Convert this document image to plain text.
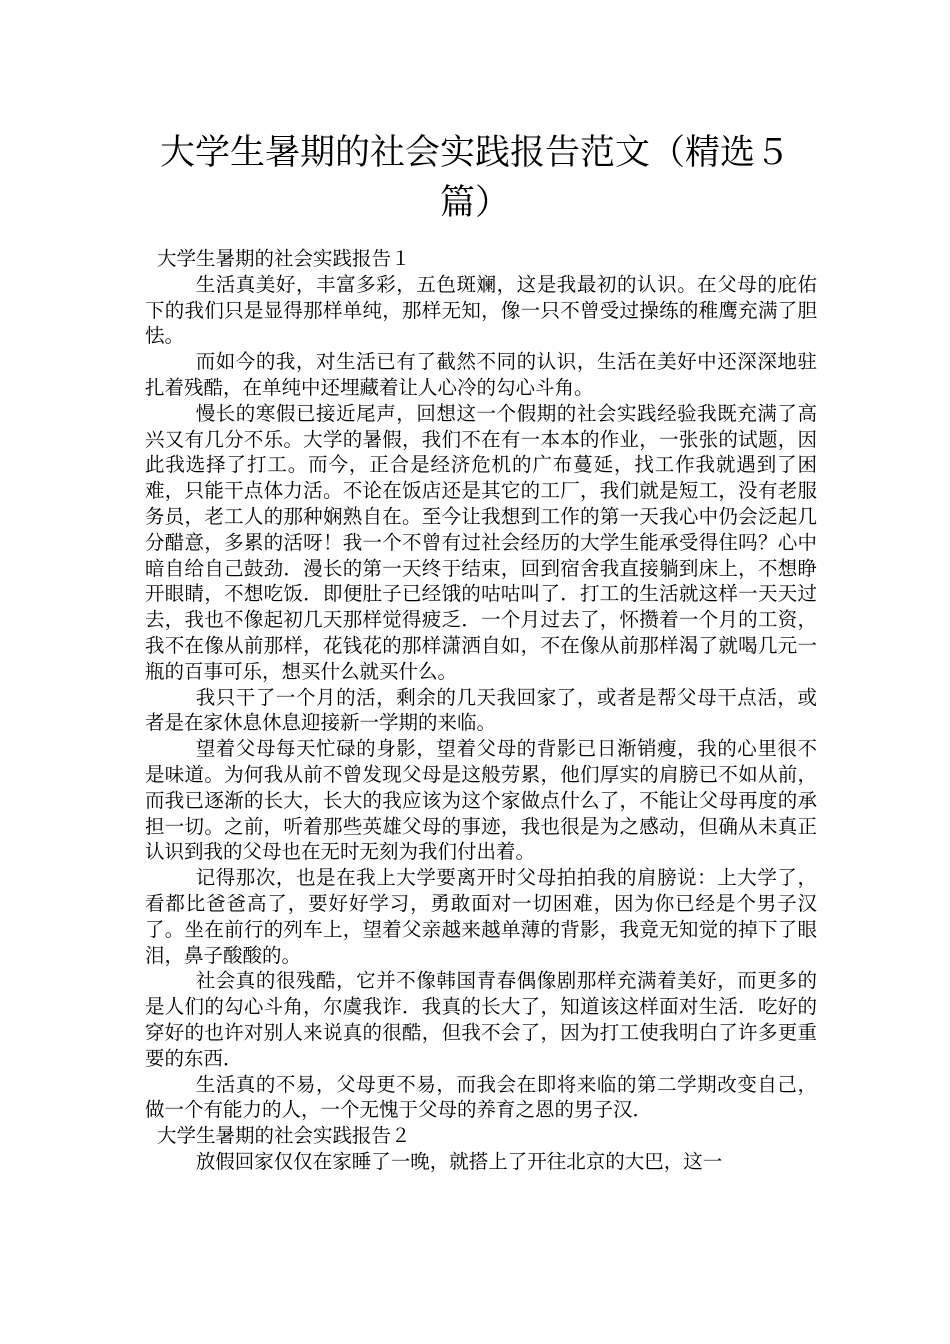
大学生暑期的社会实践报告范文（精选５篇）
大学生暑期的社会实践报告１

生活真美好，丰富多彩，五色斑斓，这是我最初的认识。在父母的庇佑下的我们只是显得那样单纯，那样无知，像一只不曾受过操练的稚鹰充满了胆怯。

而如今的我，对生活已有了截然不同的认识，生活在美好中还深深地驻扎着残酷，在单纯中还埋藏着让人心冷的勾心斗角。

慢长的寒假已接近尾声，回想这一个假期的社会实践经验我既充满了高兴又有几分不乐。大学的暑假，我们不在有一本本的作业，一张张的试题，因此我选择了打工。而今，正合是经济危机的广布蔓延，找工作我就遇到了困难，只能干点体力活。不论在饭店还是其它的工厂，我们就是短工，没有老服务员，老工人的那种娴熟自在。至今让我想到工作的第一天我心中仍会泛起几分醋意，多累的活呀！我一个不曾有过社会经历的大学生能承受得住吗？心中暗自给自己鼓劲．漫长的第一天终于结束，回到宿舍我直接躺到床上，不想睁开眼睛，不想吃饭．即便肚子已经饿的咕咕叫了．打工的生活就这样一天天过去，我也不像起初几天那样觉得疲乏．一个月过去了，怀攒着一个月的工资，我不在像从前那样，花钱花的那样潇洒自如，不在像从前那样渴了就喝几元一瓶的百事可乐，想买什么就买什么。

我只干了一个月的活，剩余的几天我回家了，或者是帮父母干点活，或者是在家休息休息迎接新一学期的来临。

望着父母每天忙碌的身影，望着父母的背影已日渐销瘦，我的心里很不是味道。为何我从前不曾发现父母是这般劳累，他们厚实的肩膀已不如从前，而我已逐渐的长大，长大的我应该为这个家做点什么了，不能让父母再度的承担一切。之前，听着那些英雄父母的事迹，我也很是为之感动，但确从未真正认识到我的父母也在无时无刻为我们付出着。

记得那次，也是在我上大学要离开时父母拍拍我的肩膀说：上大学了，看都比爸爸高了，要好好学习，勇敢面对一切困难，因为你已经是个男子汉了。坐在前行的列车上，望着父亲越来越单薄的背影，我竟无知觉的掉下了眼泪，鼻子酸酸的。

社会真的很残酷，它并不像韩国青春偶像剧那样充满着美好，而更多的是人们的勾心斗角，尔虞我诈．我真的长大了，知道该这样面对生活．吃好的穿好的也许对别人来说真的很酷，但我不会了，因为打工使我明白了许多更重要的东西．

生活真的不易，父母更不易，而我会在即将来临的第二学期改变自己，做一个有能力的人，一个无愧于父母的养育之恩的男子汉．

大学生暑期的社会实践报告２

放假回家仅仅在家睡了一晚，就搭上了开往北京的大巴，这一
